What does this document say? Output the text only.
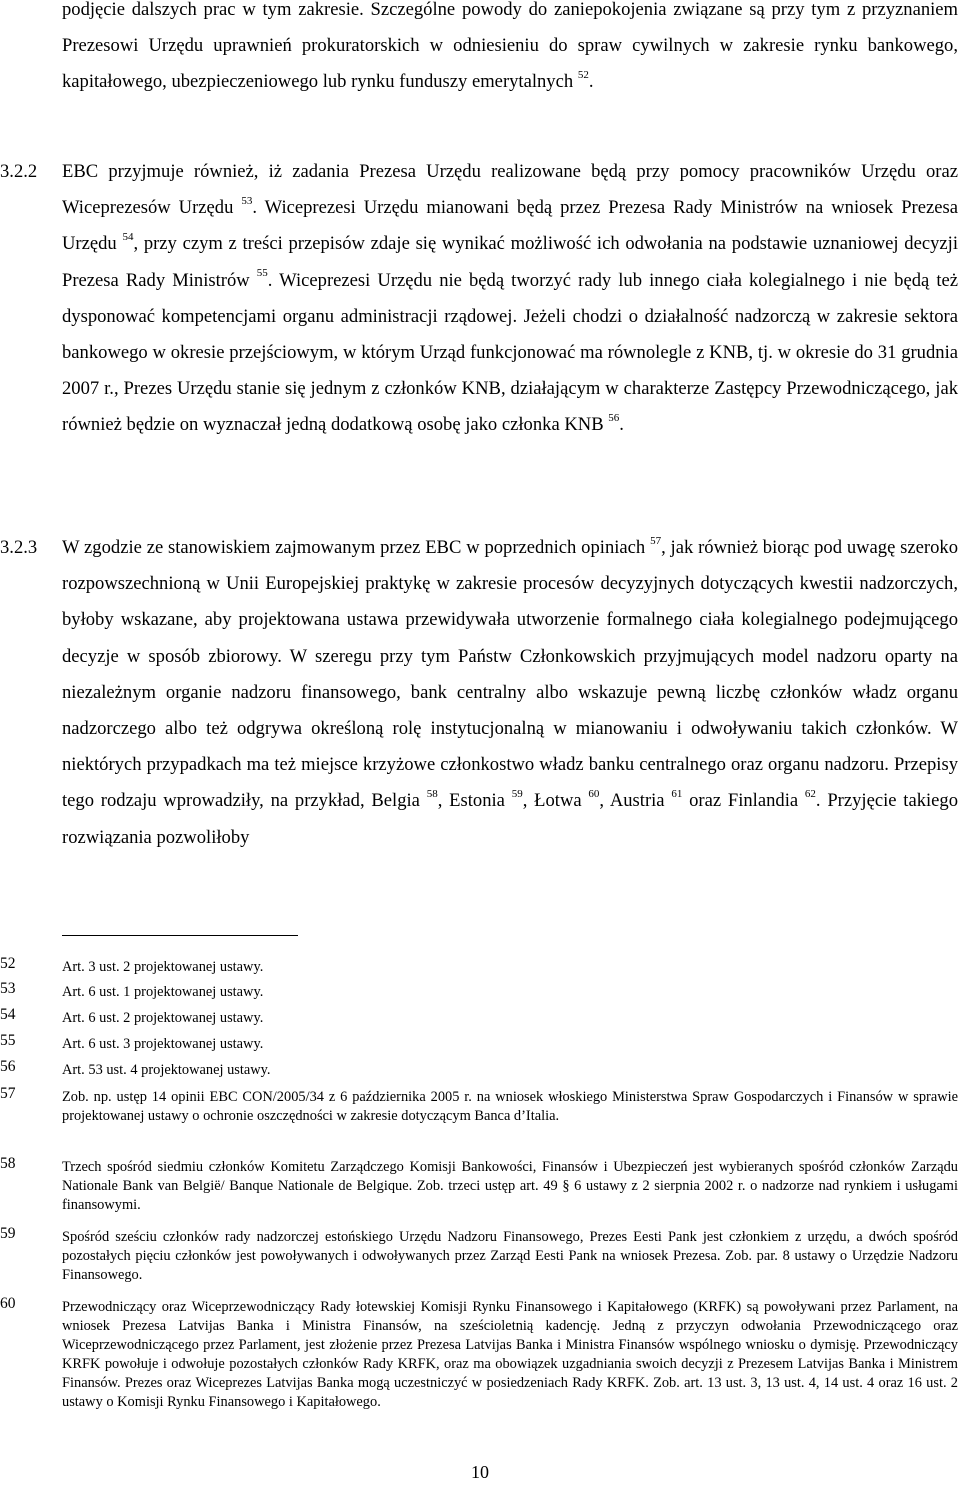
podjęcie dalszych prac w tym zakresie. Szczególne powody do zaniepokojenia związane są przy tym z przyznaniem Prezesowi Urzędu uprawnień prokuratorskich w odniesieniu do spraw cywilnych w zakresie rynku bankowego, kapitałowego, ubezpieczeniowego lub rynku funduszy emerytalnych $^{52}$.

3.2.2 EBC przyjmuje również, iż zadania Prezesa Urzędu realizowane będą przy pomocy pracowników Urzędu oraz Wiceprezesów Urzędu $^{53}$. Wiceprezesi Urzędu mianowani będą przez Prezesa Rady Ministrów na wniosek Prezesa Urzędu $^{54}$, przy czym z treści przepisów zdaje się wynikać możliwość ich odwołania na podstawie uznaniowej decyzji Prezesa Rady Ministrów $^{55}$. Wiceprezesi Urzędu nie będą tworzyć rady lub innego ciała kolegialnego i nie będą też dysponować kompetencjami organu administracji rządowej. Jeżeli chodzi o działalność nadzorczą w zakresie sektora bankowego w okresie przejściowym, w którym Urząd funkcjonować ma równolegle z KNB, tj. w okresie do 31 grudnia 2007 r., Prezes Urzędu stanie się jednym z członków KNB, działającym w charakterze Zastępcy Przewodniczącego, jak również będzie on wyznaczał jedną dodatkową osobę jako członka KNB $^{56}$.

3.2.3 W zgodzie ze stanowiskiem zajmowanym przez EBC w poprzednich opiniach $^{57}$, jak również biorąc pod uwagę szeroko rozpowszechnioną w Unii Europejskiej praktykę w zakresie procesów decyzyjnych dotyczących kwestii nadzorczych, byłoby wskazane, aby projektowana ustawa przewidywała utworzenie formalnego ciała kolegialnego podejmującego decyzje w sposób zbiorowy. W szeregu przy tym Państw Członkowskich przyjmujących model nadzoru oparty na niezależnym organie nadzoru finansowego, bank centralny albo wskazuje pewną liczbę członków władz organu nadzorczego albo też odgrywa określoną rolę instytucjonalną w mianowaniu i odwoływaniu takich członków. W niektórych przypadkach ma też miejsce krzyżowe członkostwo władz banku centralnego oraz organu nadzoru. Przepisy tego rodzaju wprowadziły, na przykład, Belgia $^{58}$, Estonia $^{59}$, Łotwa $^{60}$, Austria $^{61}$ oraz Finlandia $^{62}$. Przyjęcie takiego rozwiązania pozwoliłoby

52	Art. 3 ust. 2 projektowanej ustawy.
53	Art. 6 ust. 1 projektowanej ustawy.
54	Art. 6 ust. 2 projektowanej ustawy.
55	Art. 6 ust. 3 projektowanej ustawy.
56	Art. 53 ust. 4 projektowanej ustawy.
57	Zob. np. ustęp 14 opinii EBC CON/2005/34 z 6 października 2005 r. na wniosek włoskiego Ministerstwa Spraw Gospodarczych i Finansów w sprawie projektowanej ustawy o ochronie oszczędności w zakresie dotyczącym Banca d’Italia.
58	Trzech spośród siedmiu członków Komitetu Zarządczego Komisji Bankowości, Finansów i Ubezpieczeń jest wybieranych spośród członków Zarządu Nationale Bank van België/ Banque Nationale de Belgique. Zob. trzeci ustęp art. 49 § 6 ustawy z 2 sierpnia 2002 r. o nadzorze nad rynkiem i usługami finansowymi.
59	Spośród sześciu członków rady nadzorczej estońskiego Urzędu Nadzoru Finansowego, Prezes Eesti Pank jest członkiem z urzędu, a dwóch spośród pozostałych pięciu członków jest powoływanych i odwoływanych przez Zarząd Eesti Pank na wniosek Prezesa. Zob. par. 8 ustawy o Urzędzie Nadzoru Finansowego.
60	Przewodniczący oraz Wiceprzewodniczący Rady łotewskiej Komisji Rynku Finansowego i Kapitałowego (KRFK) są powoływani przez Parlament, na wniosek Prezesa Latvijas Banka i Ministra Finansów, na sześcioletnią kadencję. Jedną z przyczyn odwołania Przewodniczącego oraz Wiceprzewodniczącego przez Parlament, jest złożenie przez Prezesa Latvijas Banka i Ministra Finansów wspólnego wniosku o dymisję. Przewodniczący KRFK powołuje i odwołuje pozostałych członków Rady KRFK, oraz ma obowiązek uzgadniania swoich decyzji z Prezesem Latvijas Banka i Ministrem Finansów. Prezes oraz Wiceprezes Latvijas Banka mogą uczestniczyć w posiedzeniach Rady KRFK. Zob. art. 13 ust. 3, 13 ust. 4, 14 ust. 4 oraz 16 ust. 2 ustawy o Komisji Rynku Finansowego i Kapitałowego.
10
